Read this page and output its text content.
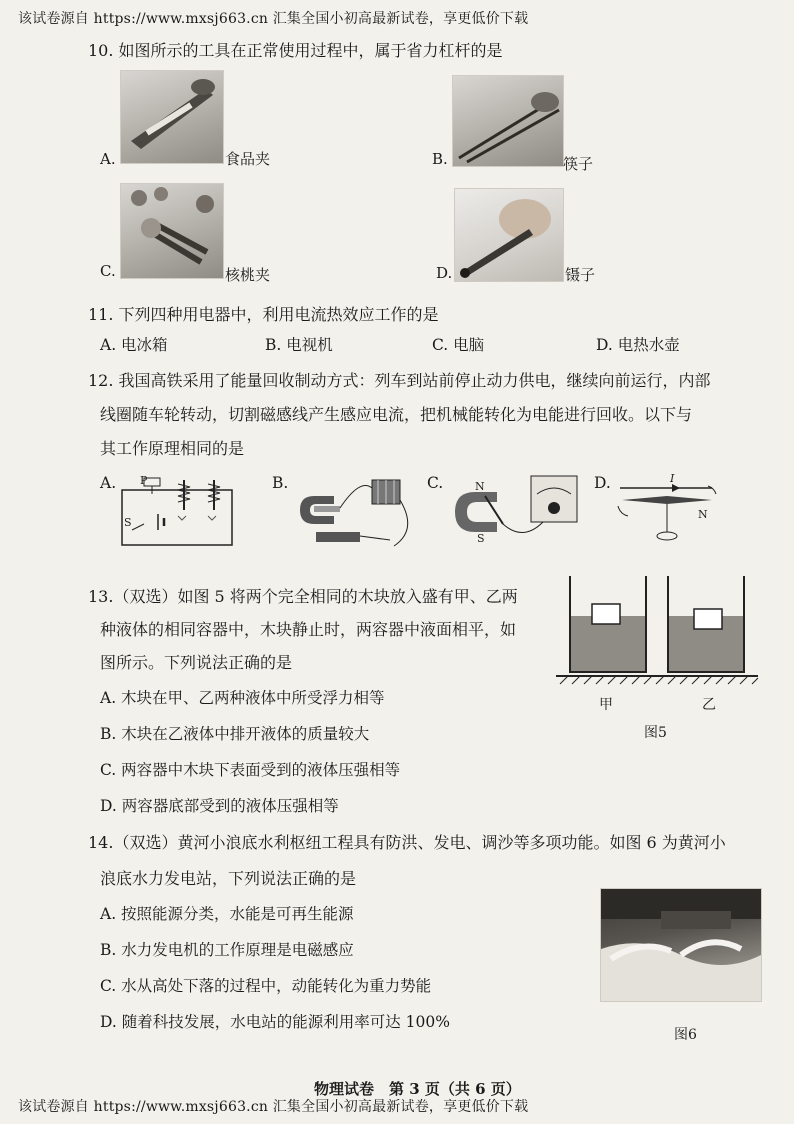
该试卷源自 https://www.mxsj663.cn 汇集全国小初高最新试卷，享更低价下载
10. 如图所示的工具在正常使用过程中，属于省力杠杆的是
A.	食品夹	B.	筷子
C.	核桃夹	D.	镊子
11. 下列四种用电器中，利用电流热效应工作的是
A. 电冰箱	B. 电视机	C. 电脑	D. 电热水壶
12. 我国高铁采用了能量回收制动方式：列车到站前停止动力供电，继续向前运行，内部
线圈随车轮转动，切割磁感线产生感应电流，把机械能转化为电能进行回收。以下与
其工作原理相同的是
A.	B.	C.	D.
P
S
N
S
I
N
13.（双选）如图 5 将两个完全相同的木块放入盛有甲、乙两
种液体的相同容器中，木块静止时，两容器中液面相平，如
图所示。下列说法正确的是
A. 木块在甲、乙两种液体中所受浮力相等
B. 木块在乙液体中排开液体的质量较大
C. 两容器中木块下表面受到的液体压强相等
D. 两容器底部受到的液体压强相等
甲	乙
图5
14.（双选）黄河小浪底水利枢纽工程具有防洪、发电、调沙等多项功能。如图 6 为黄河小
浪底水力发电站，下列说法正确的是
A. 按照能源分类，水能是可再生能源
B. 水力发电机的工作原理是电磁感应
C. 水从高处下落的过程中，动能转化为重力势能
D. 随着科技发展，水电站的能源利用率可达 100%
图6
物理试卷　第 3 页（共 6 页）
该试卷源自 https://www.mxsj663.cn 汇集全国小初高最新试卷，享更低价下载
